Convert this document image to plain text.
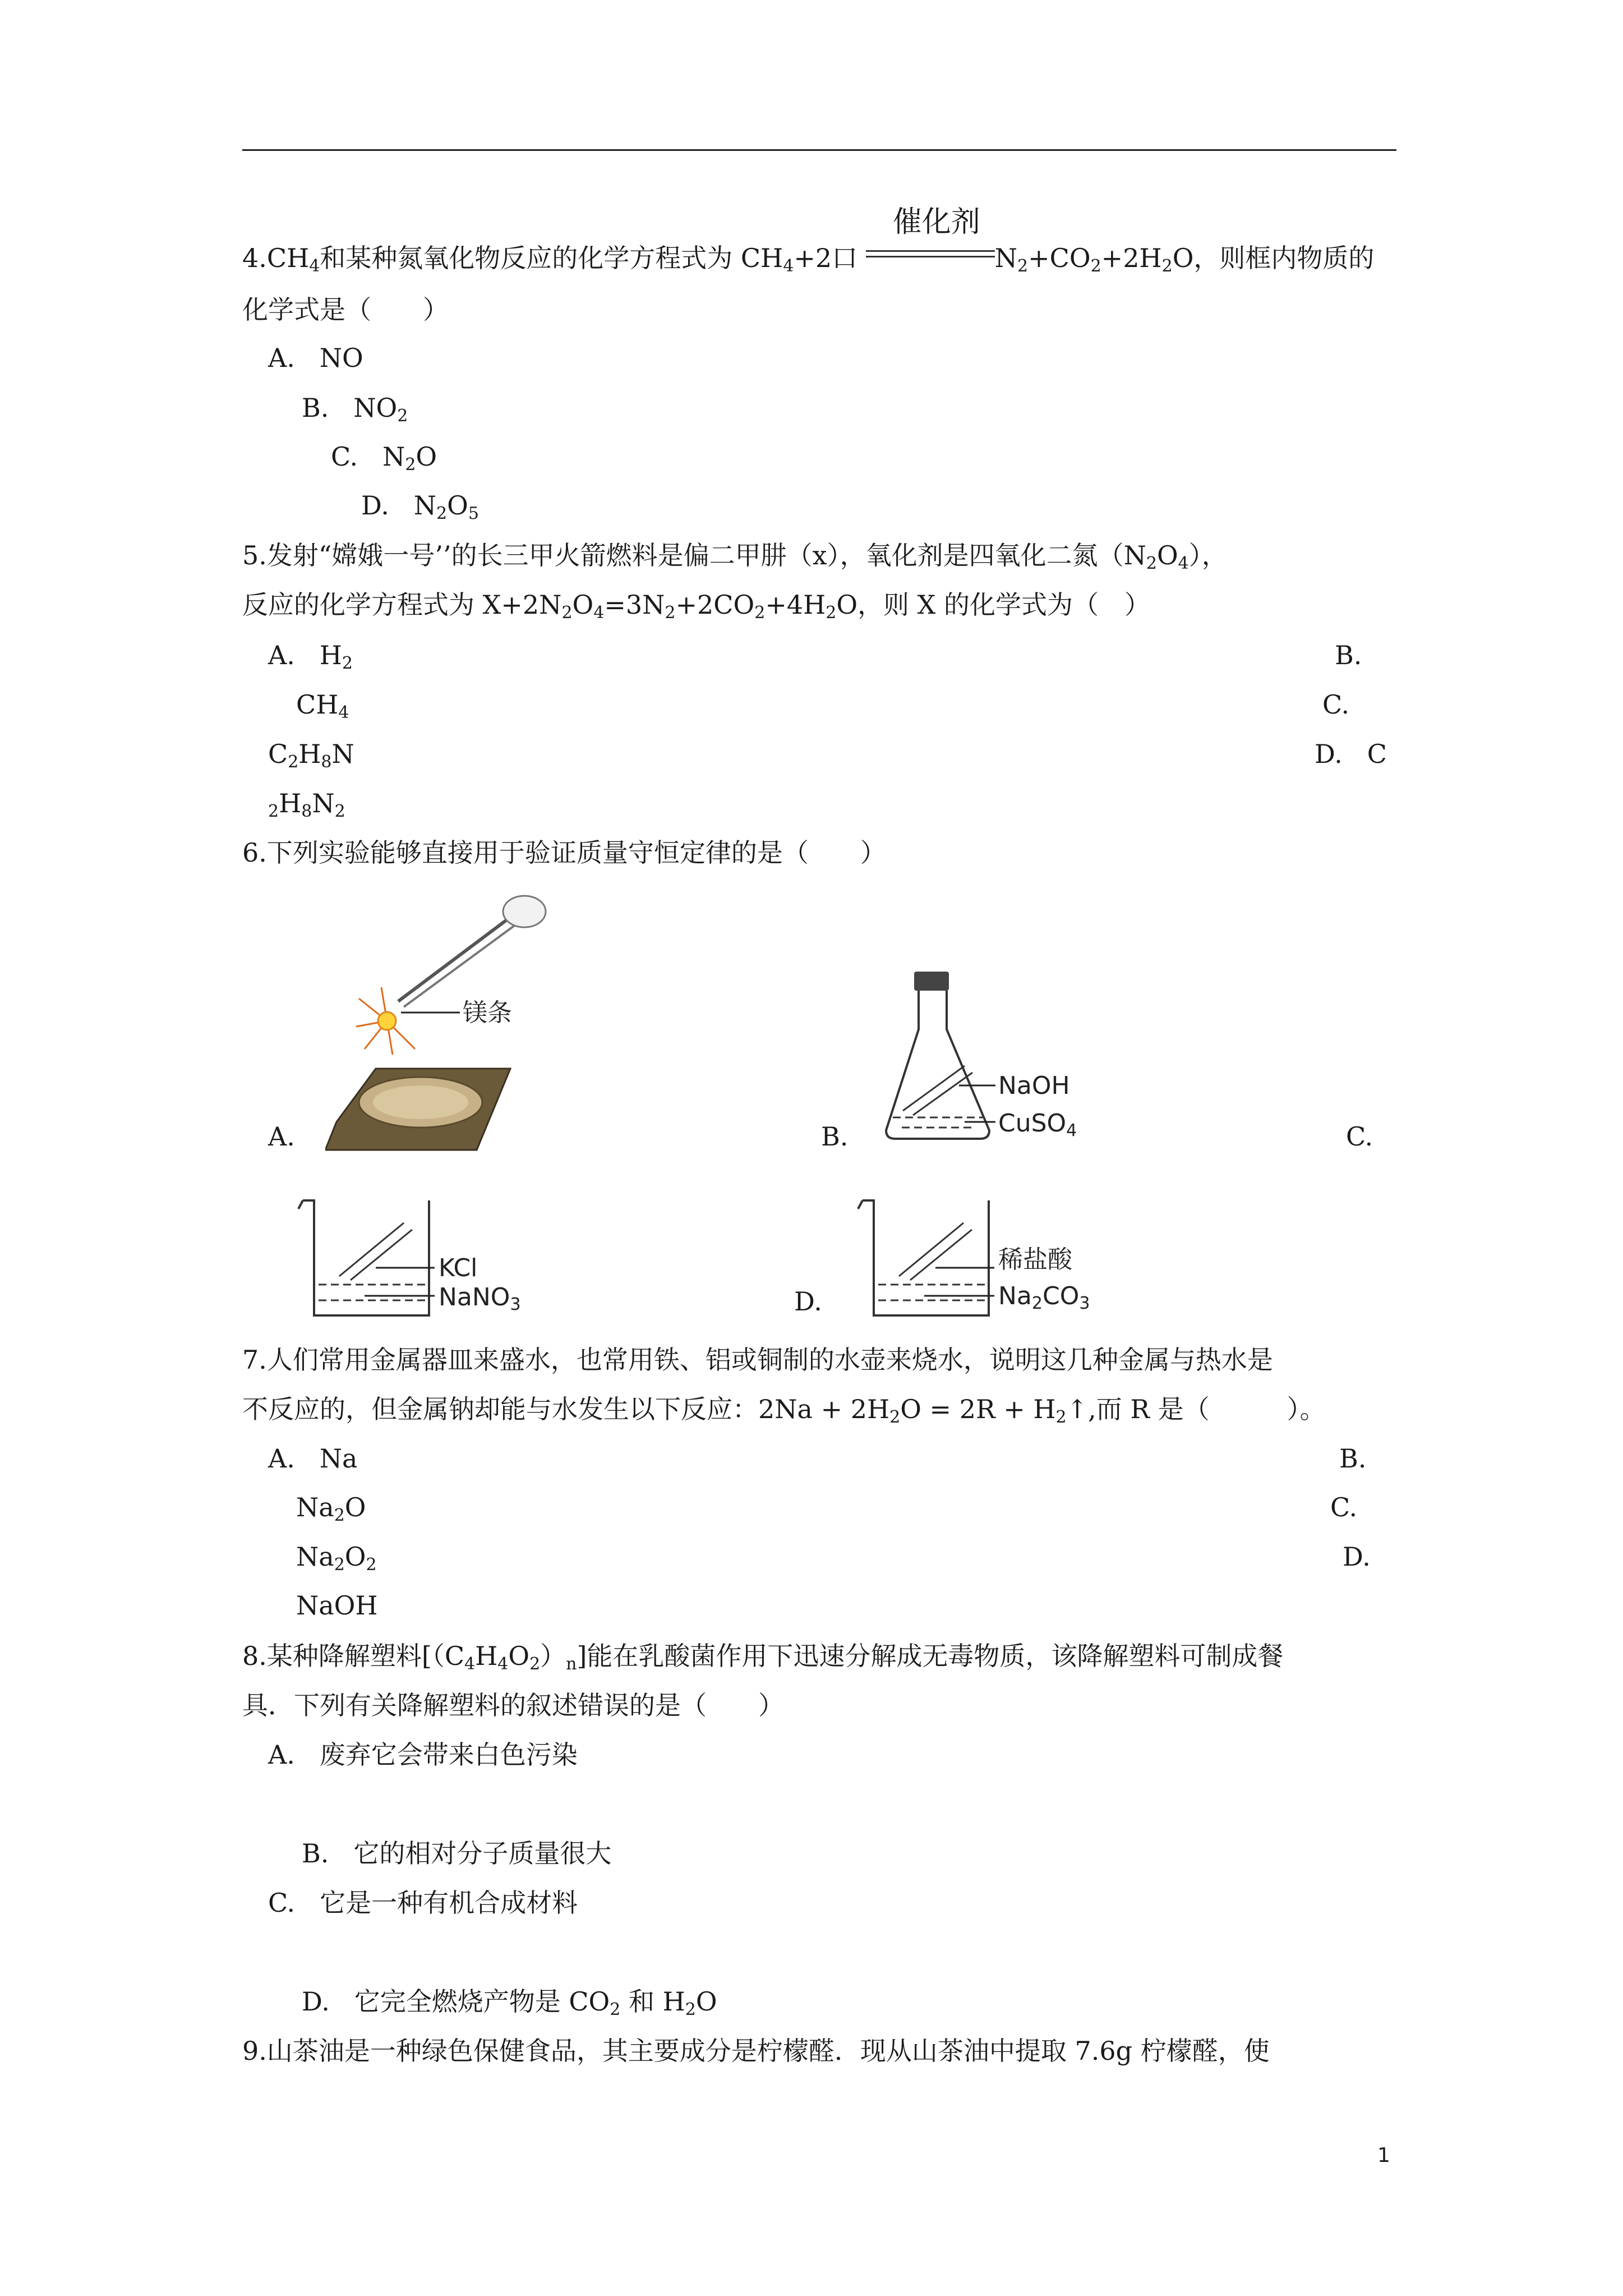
$4.CH_4$和某种氮氧化物反应的化学方程式为 $CH_4+2$口
催化剂
$N_2+CO_2+2H_2O$，则框内物质的
化学式是（　　）
A.   NO
B.   $NO_2$
C.   $N_2O$
D.   $N_2O_5$
5.发射“嫦娥一号’’的长三甲火箭燃料是偏二甲肼（x），氧化剂是四氧化二氮$(N_2O_4)$，
反应的化学方程式为 $X+2N_2O_4=3N_2+2CO_2+4H_2O$，则 X 的化学式为（　）
A.   $H_2$	B.
$CH_4$	C.
$C_2H_8N$	D.   C
$_2H_8N_2$
6.下列实验能够直接用于验证质量守恒定律的是（　　）
镁条
A.
NaOH
CuSO4
B.	C.
KCl
NaNO3	D.
稀盐酸
Na2CO3
7.人们常用金属器皿来盛水，也常用铁、铝或铜制的水壶来烧水，说明这几种金属与热水是
不反应的，但金属钠却能与水发生以下反应：$2Na + 2H_2O = 2R$ + $H_2↑$,而 R 是（　　　）。
A.   Na	B.
$Na_2O$	C.
$Na_2O_2$	D.
NaOH
8.某种降解塑料$[(C_4H_4O_2)_n]$能在乳酸菌作用下迅速分解成无毒物质，该降解塑料可制成餐
具．下列有关降解塑料的叙述错误的是（　　）
A. 废弃它会带来白色污染
B. 它的相对分子质量很大
C. 它是一种有机合成材料
D.   它完全燃烧产物是 $CO_2$ 和 $H_2O$
9.山茶油是一种绿色保健食品，其主要成分是柠檬醛．现从山茶油中提取 7.6g 柠檬醛，使
1
